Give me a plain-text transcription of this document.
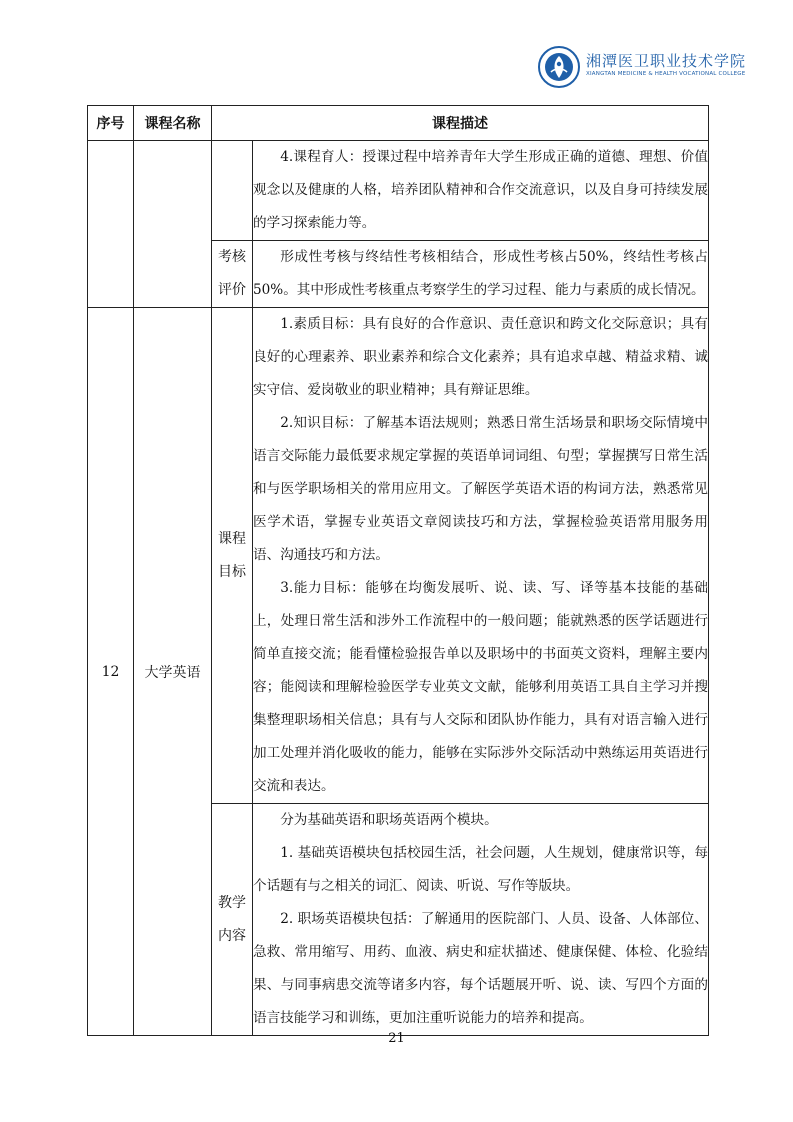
湘潭医卫职业技术学院
XIANGTAN MEDICINE & HEALTH VOCATIONAL COLLEGE
序号	课程名称	课程描述	

			4.课程育人：授课过程中培养青年大学生形成正确的道德、理想、价值观念以及健康的人格，培养团队精神和合作交流意识，以及自身可持续发展的学习探索能力等。

		考核评价	形成性考核与终结性考核相结合，形成性考核占50%，终结性考核占50%。其中形成性考核重点考察学生的学习过程、能力与素质的成长情况。

12	大学英语	课程目标	1.素质目标：具有良好的合作意识、责任意识和跨文化交际意识；具有良好的心理素养、职业素养和综合文化素养；具有追求卓越、精益求精、诚实守信、爱岗敬业的职业精神；具有辩证思维。

2.知识目标：了解基本语法规则；熟悉日常生活场景和职场交际情境中语言交际能力最低要求规定掌握的英语单词词组、句型；掌握撰写日常生活和与医学职场相关的常用应用文。了解医学英语术语的构词方法，熟悉常见医学术语，掌握专业英语文章阅读技巧和方法，掌握检验英语常用服务用语、沟通技巧和方法。

3.能力目标：能够在均衡发展听、说、读、写、译等基本技能的基础上，处理日常生活和涉外工作流程中的一般问题；能就熟悉的医学话题进行简单直接交流；能看懂检验报告单以及职场中的书面英文资料，理解主要内容；能阅读和理解检验医学专业英文文献，能够利用英语工具自主学习并搜集整理职场相关信息；具有与人交际和团队协作能力，具有对语言输入进行加工处理并消化吸收的能力，能够在实际涉外交际活动中熟练运用英语进行交流和表达。

		教学内容	分为基础英语和职场英语两个模块。

1. 基础英语模块包括校园生活，社会问题，人生规划，健康常识等，每个话题有与之相关的词汇、阅读、听说、写作等版块。

2. 职场英语模块包括：了解通用的医院部门、人员、设备、人体部位、急救、常用缩写、用药、血液、病史和症状描述、健康保健、体检、化验结果、与同事病患交流等诸多内容，每个话题展开听、说、读、写四个方面的语言技能学习和训练，更加注重听说能力的培养和提高。

21
